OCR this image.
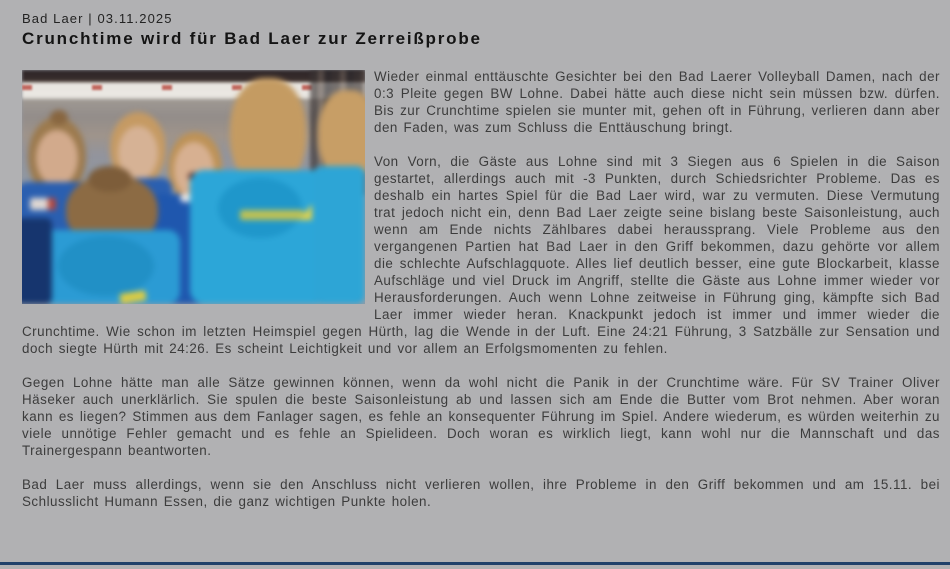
Bad Laer | 03.11.2025
Crunchtime wird für Bad Laer zur Zerreißprobe

Wieder einmal enttäuschte Gesichter bei den Bad Laerer Volleyball Damen, nach der 0:3 Pleite gegen BW Lohne. Dabei hätte auch diese nicht sein müssen bzw. dürfen. Bis zur Crunchtime spielen sie munter mit, gehen oft in Führung, verlieren dann aber den Faden, was zum Schluss die Enttäuschung bringt.

Von Vorn, die Gäste aus Lohne sind mit 3 Siegen aus 6 Spielen in die Saison gestartet, allerdings auch mit -3 Punkten, durch Schiedsrichter Probleme. Das es deshalb ein hartes Spiel für die Bad Laer wird, war zu vermuten. Diese Vermutung trat jedoch nicht ein, denn Bad Laer zeigte seine bislang beste Saisonleistung, auch wenn am Ende nichts Zählbares dabei heraussprang. Viele Probleme aus den vergangenen Partien hat Bad Laer in den Griff bekommen, dazu gehörte vor allem die schlechte Aufschlagquote. Alles lief deutlich besser, eine gute Blockarbeit, klasse Aufschläge und viel Druck im Angriff, stellte die Gäste aus Lohne immer wieder vor Herausforderungen. Auch wenn Lohne zeitweise in Führung ging, kämpfte sich Bad Laer immer wieder heran. Knackpunkt jedoch ist immer und immer wieder die Crunchtime. Wie schon im letzten Heimspiel gegen Hürth, lag die Wende in der Luft. Eine 24:21 Führung, 3 Satzbälle zur Sensation und doch siegte Hürth mit 24:26. Es scheint Leichtigkeit und vor allem an Erfolgsmomenten zu fehlen.

Gegen Lohne hätte man alle Sätze gewinnen können, wenn da wohl nicht die Panik in der Crunchtime wäre. Für SV Trainer Oliver Häseker auch unerklärlich. Sie spulen die beste Saisonleistung ab und lassen sich am Ende die Butter vom Brot nehmen. Aber woran kann es liegen? Stimmen aus dem Fanlager sagen, es fehle an konsequenter Führung im Spiel. Andere wiederum, es würden weiterhin zu viele unnötige Fehler gemacht und es fehle an Spielideen. Doch woran es wirklich liegt, kann wohl nur die Mannschaft und das Trainergespann beantworten.

Bad Laer muss allerdings, wenn sie den Anschluss nicht verlieren wollen, ihre Probleme in den Griff bekommen und am 15.11. bei Schlusslicht Humann Essen, die ganz wichtigen Punkte holen.
